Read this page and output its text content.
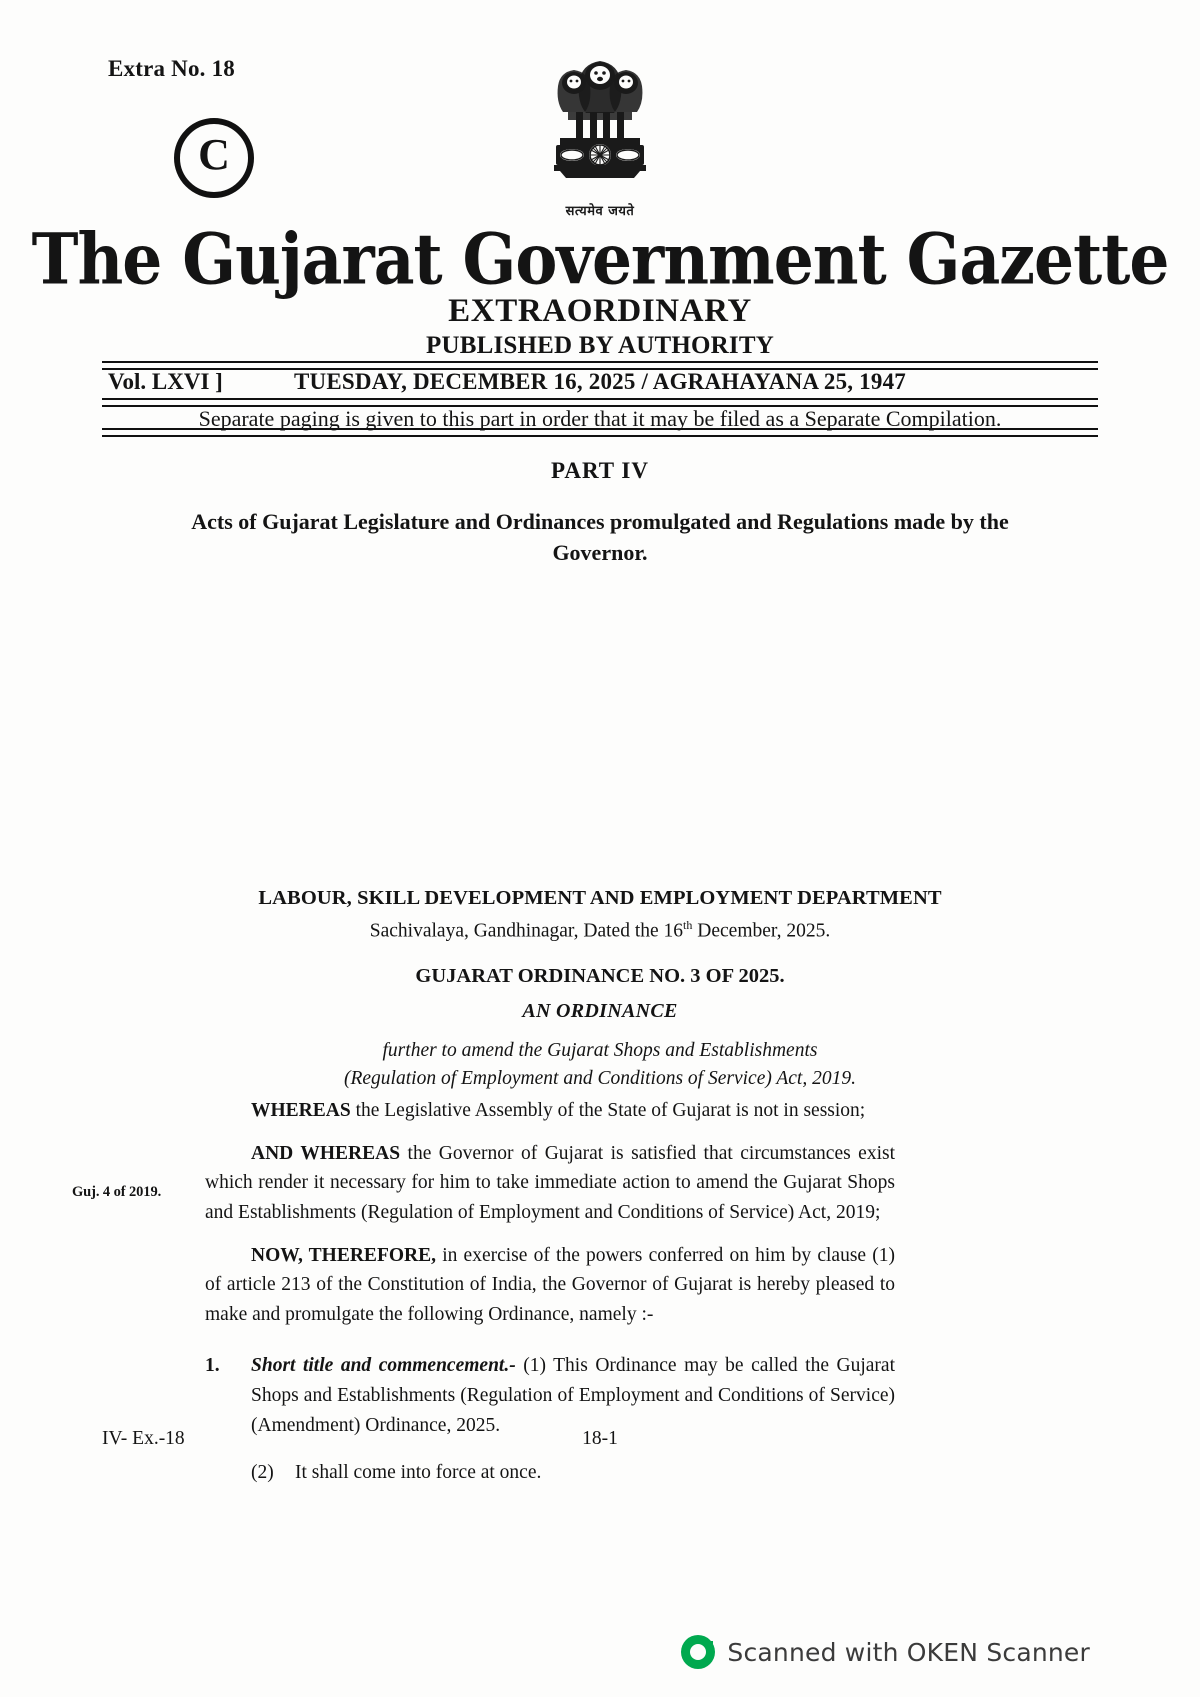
Extra No. 18
C
सत्यमेव जयते
The Gujarat Government Gazette
EXTRAORDINARY
PUBLISHED BY AUTHORITY
Vol. LXVI ]	TUESDAY, DECEMBER 16, 2025 / AGRAHAYANA 25, 1947
Separate paging is given to this part in order that it may be filed as a Separate Compilation.
PART IV
Acts of Gujarat Legislature and Ordinances promulgated and Regulations made by the Governor.
LABOUR, SKILL DEVELOPMENT AND EMPLOYMENT DEPARTMENT
Sachivalaya, Gandhinagar, Dated the 16th December, 2025.
GUJARAT ORDINANCE NO. 3 OF 2025.
AN ORDINANCE
further to amend the Gujarat Shops and Establishments
(Regulation of Employment and Conditions of Service) Act, 2019.
Guj. 4 of 2019.

WHEREAS the Legislative Assembly of the State of Gujarat is not in session;

AND WHEREAS the Governor of Gujarat is satisfied that circumstances exist which render it necessary for him to take immediate action to amend the Gujarat Shops and Establishments (Regulation of Employment and Conditions of Service) Act, 2019;

NOW, THEREFORE, in exercise of the powers conferred on him by clause (1) of article 213 of the Constitution of India, the Governor of Gujarat is hereby pleased to make and promulgate the following Ordinance, namely :-

1.	Short title and commencement.- (1) This Ordinance may be called the Gujarat Shops and Establishments (Regulation of Employment and Conditions of Service) (Amendment) Ordinance, 2025.
(2)	It shall come into force at once.
IV- Ex.-18	18-1
Scanned with OKEN Scanner
